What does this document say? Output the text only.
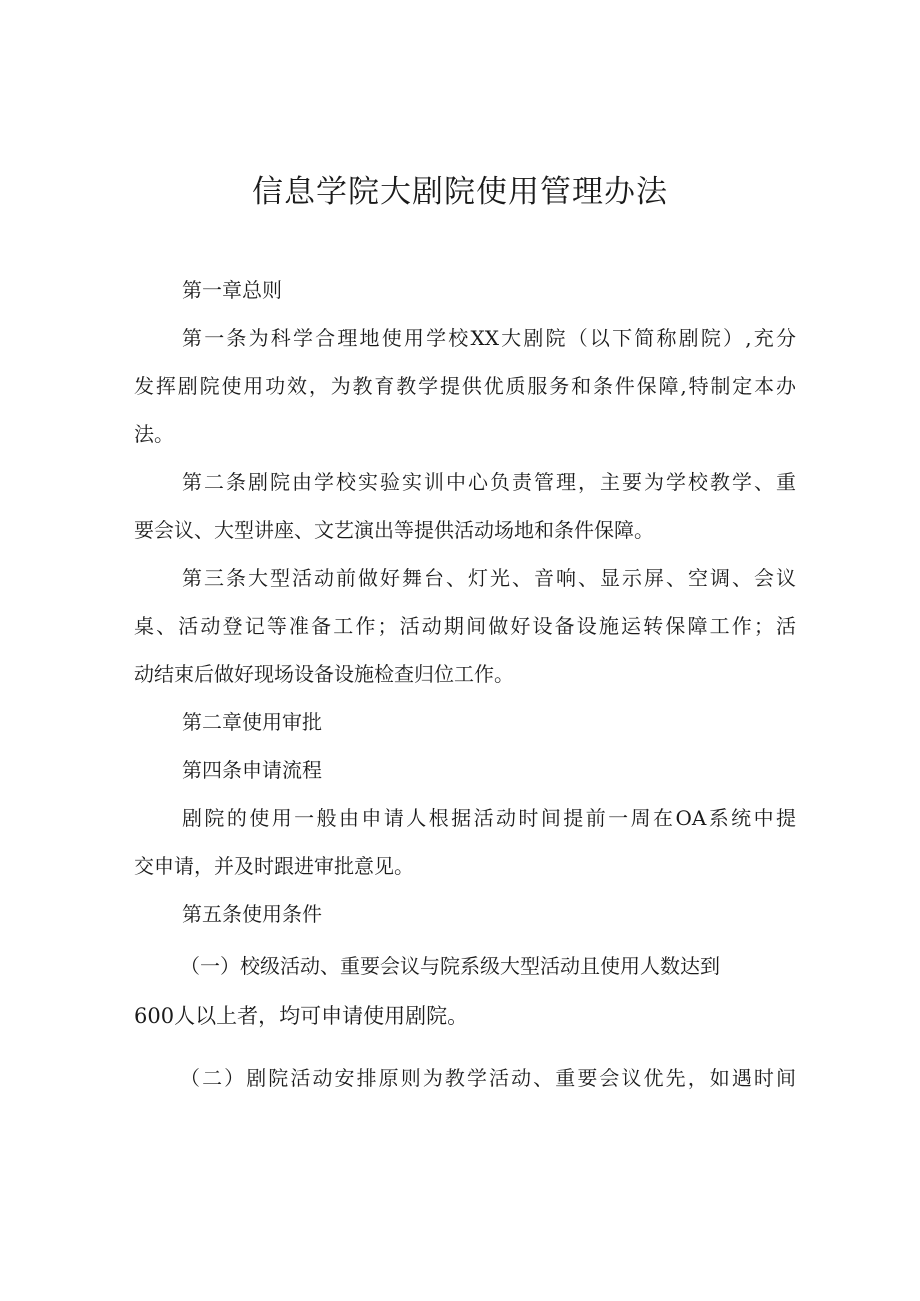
信息学院大剧院使用管理办法

第一章总则

第一条为科学合理地使用学校XX大剧院（以下简称剧院）,充分

发挥剧院使用功效，为教育教学提供优质服务和条件保障,特制定本办

法。

第二条剧院由学校实验实训中心负责管理，主要为学校教学、重

要会议、大型讲座、文艺演出等提供活动场地和条件保障。

第三条大型活动前做好舞台、灯光、音响、显示屏、空调、会议

桌、活动登记等准备工作；活动期间做好设备设施运转保障工作；活

动结束后做好现场设备设施检查归位工作。

第二章使用审批

第四条申请流程

剧院的使用一般由申请人根据活动时间提前一周在OA系统中提

交申请，并及时跟进审批意见。

第五条使用条件

（一）校级活动、重要会议与院系级大型活动且使用人数达到

600人以上者，均可申请使用剧院。

（二）剧院活动安排原则为教学活动、重要会议优先，如遇时间
